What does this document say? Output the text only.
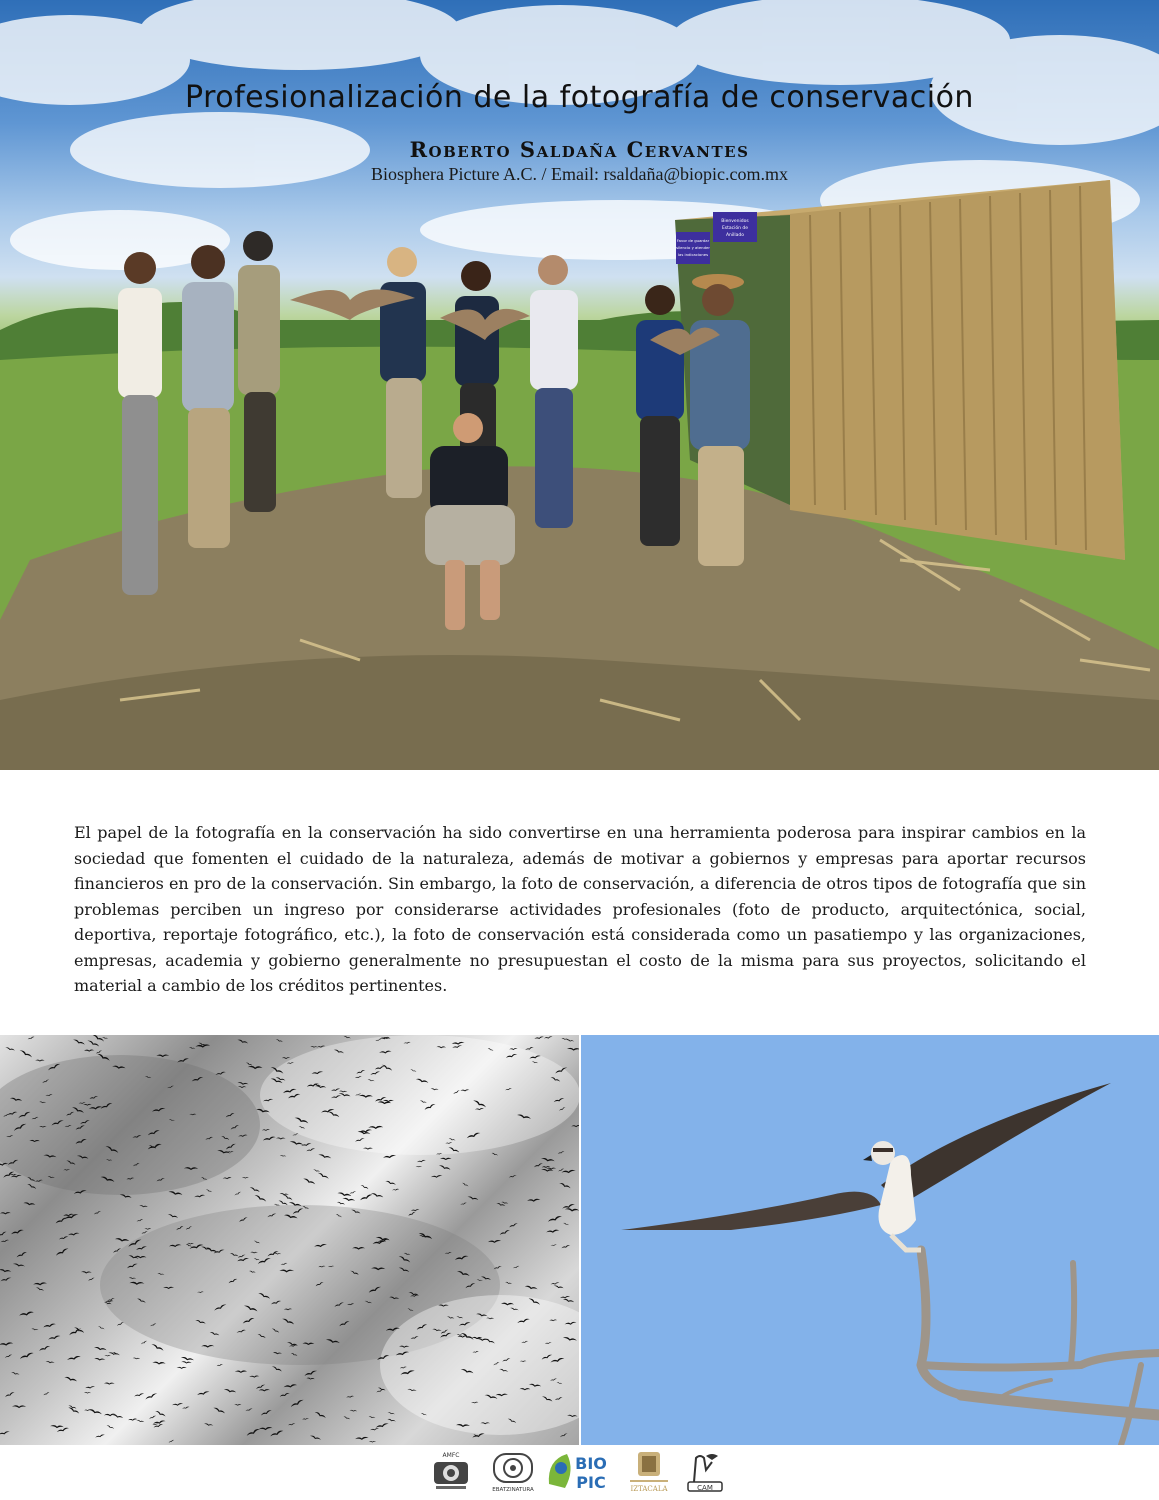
Bienvenidos
Estación de
Anillado
Favor de guardar
silencio y atender
las indicaciones
Profesionalización de la fotografía de conservación
Roberto Saldaña Cervantes

Biosphera Picture A.C. / Email: rsaldaña@biopic.com.mx

El papel de la fotografía en la conservación ha sido convertirse en una herramienta poderosa para inspirar cambios en la sociedad que fomenten el cuidado de la naturaleza, además de motivar a gobiernos y empresas para aportar recursos financieros en pro de la conservación. Sin embargo, la foto de conservación, a diferencia de otros tipos de fotografía que sin problemas perciben un ingreso por considerarse actividades profesionales (foto de producto, arquitectónica, social, deportiva, reportaje fotográfico, etc.), la foto de conservación está considerada como un pasatiempo y las organizaciones, empresas, academia y gobierno generalmente no presupuestan el costo de la misma para sus proyectos, solicitando el material a cambio de los créditos pertinentes.

AMFC
EBATZINATURA
BIO
PIC	IZTACALA	CAM
